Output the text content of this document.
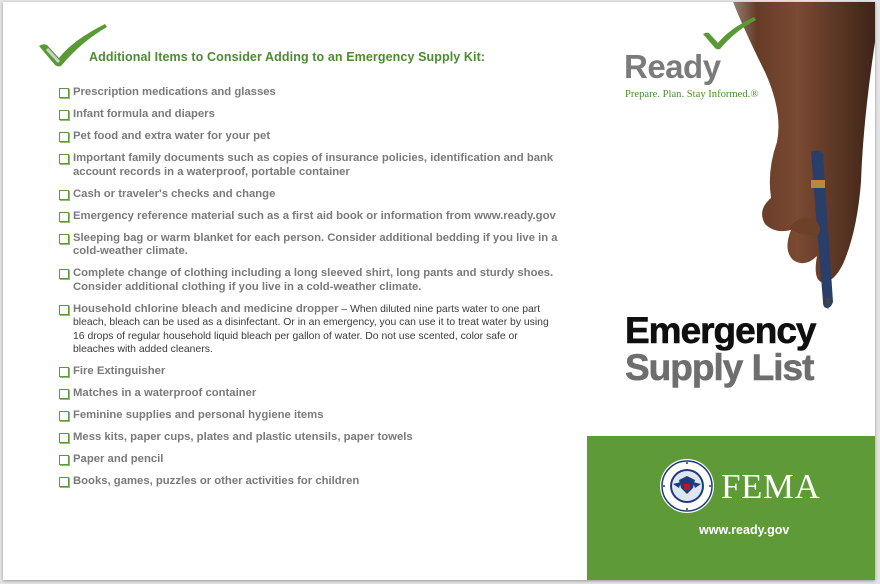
Additional Items to Consider Adding to an Emergency Supply Kit:
Prescription medications and glasses
Infant formula and diapers
Pet food and extra water for your pet
Important family documents such as copies of insurance policies, identification and bank account records in a waterproof, portable container
Cash or traveler's checks and change
Emergency reference material such as a first aid book or information from www.ready.gov
Sleeping bag or warm blanket for each person. Consider additional bedding if you live in a cold-weather climate.
Complete change of clothing including a long sleeved shirt, long pants and sturdy shoes. Consider additional clothing if you live in a cold-weather climate.
Household chlorine bleach and medicine dropper – When diluted nine parts water to one part bleach, bleach can be used as a disinfectant. Or in an emergency, you can use it to treat water by using 16 drops of regular household liquid bleach per gallon of water. Do not use scented, color safe or bleaches with added cleaners.
Fire Extinguisher
Matches in a waterproof container
Feminine supplies and personal hygiene items
Mess kits, paper cups, plates and plastic utensils, paper towels
Paper and pencil
Books, games, puzzles or other activities for children
Ready
Prepare. Plan. Stay Informed.®
Emergency
Supply List
FEMA
www.ready.gov
